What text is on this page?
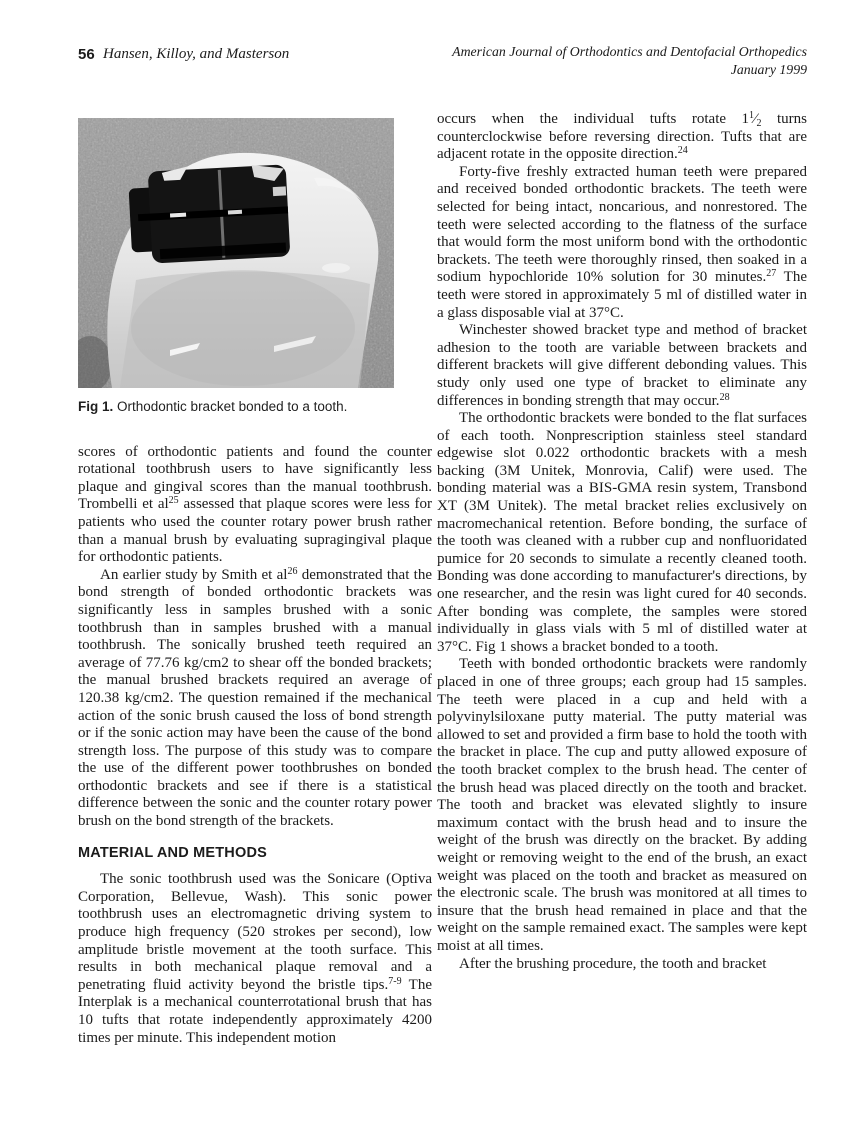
56 Hansen, Killoy, and Masterson	American Journal of Orthodontics and Dentofacial Orthopedics
January 1999
Fig 1. Orthodontic bracket bonded to a tooth.

scores of orthodontic patients and found the counter rotational toothbrush users to have significantly less plaque and gingival scores than the manual toothbrush. Trombelli et $al^{25}$ assessed that plaque scores were less for patients who used the counter rotary power brush rather than a manual brush by evaluating supragingival plaque for orthodontic patients.

An earlier study by Smith et $al^{26}$ demonstrated that the bond strength of bonded orthodontic brackets was significantly less in samples brushed with a sonic toothbrush than in samples brushed with a manual toothbrush. The sonically brushed teeth required an average of 77.76 kg/cm2 to shear off the bonded brackets; the manual brushed brackets required an average of 120.38 kg/cm2. The question remained if the mechanical action of the sonic brush caused the loss of bond strength or if the sonic action may have been the cause of the bond strength loss. The purpose of this study was to compare the use of the different power toothbrushes on bonded orthodontic brackets and see if there is a statistical difference between the sonic and the counter rotary power brush on the bond strength of the brackets.

MATERIAL AND METHODS

The sonic toothbrush used was the Sonicare (Optiva Corporation, Bellevue, Wash). This sonic power toothbrush uses an electromagnetic driving system to produce high frequency (520 strokes per second), low amplitude bristle movement at the tooth surface. This results in both mechanical plaque removal and a penetrating fluid activity beyond the bristle tips.$^{7-9}$ The Interplak is a mechanical counterrotational brush that has 10 tufts that rotate independently approximately 4200 times per minute. This independent motion

occurs when the individual tufts rotate $1^1⁄_2$ turns counterclockwise before reversing direction. Tufts that are adjacent rotate in the opposite direction.$^{24}$

Forty-five freshly extracted human teeth were prepared and received bonded orthodontic brackets. The teeth were selected for being intact, noncarious, and nonrestored. The teeth were selected according to the flatness of the surface that would form the most uniform bond with the orthodontic brackets. The teeth were thoroughly rinsed, then soaked in a sodium hypochloride 10% solution for 30 minutes.$^{27}$ The teeth were stored in approximately 5 ml of distilled water in a glass disposable vial at 37°C.

Winchester showed bracket type and method of bracket adhesion to the tooth are variable between brackets and different brackets will give different debonding values. This study only used one type of bracket to eliminate any differences in bonding strength that may occur.$^{28}$

The orthodontic brackets were bonded to the flat surfaces of each tooth. Nonprescription stainless steel standard edgewise slot 0.022 orthodontic brackets with a mesh backing (3M Unitek, Monrovia, Calif) were used. The bonding material was a BIS-GMA resin system, Transbond XT (3M Unitek). The metal bracket relies exclusively on macromechanical retention. Before bonding, the surface of the tooth was cleaned with a rubber cup and nonfluoridated pumice for 20 seconds to simulate a recently cleaned tooth. Bonding was done according to manufacturer's directions, by one researcher, and the resin was light cured for 40 seconds. After bonding was complete, the samples were stored individually in glass vials with 5 ml of distilled water at 37°C. Fig 1 shows a bracket bonded to a tooth.

Teeth with bonded orthodontic brackets were randomly placed in one of three groups; each group had 15 samples. The teeth were placed in a cup and held with a polyvinylsiloxane putty material. The putty material was allowed to set and provided a firm base to hold the tooth with the bracket in place. The cup and putty allowed exposure of the tooth bracket complex to the brush head. The center of the brush head was placed directly on the tooth and bracket. The tooth and bracket was elevated slightly to insure maximum contact with the brush head and to insure the weight of the brush was directly on the bracket. By adding weight or removing weight to the end of the brush, an exact weight was placed on the tooth and bracket as measured on the electronic scale. The brush was monitored at all times to insure that the brush head remained in place and that the weight on the sample remained exact. The samples were kept moist at all times.

After the brushing procedure, the tooth and bracket
